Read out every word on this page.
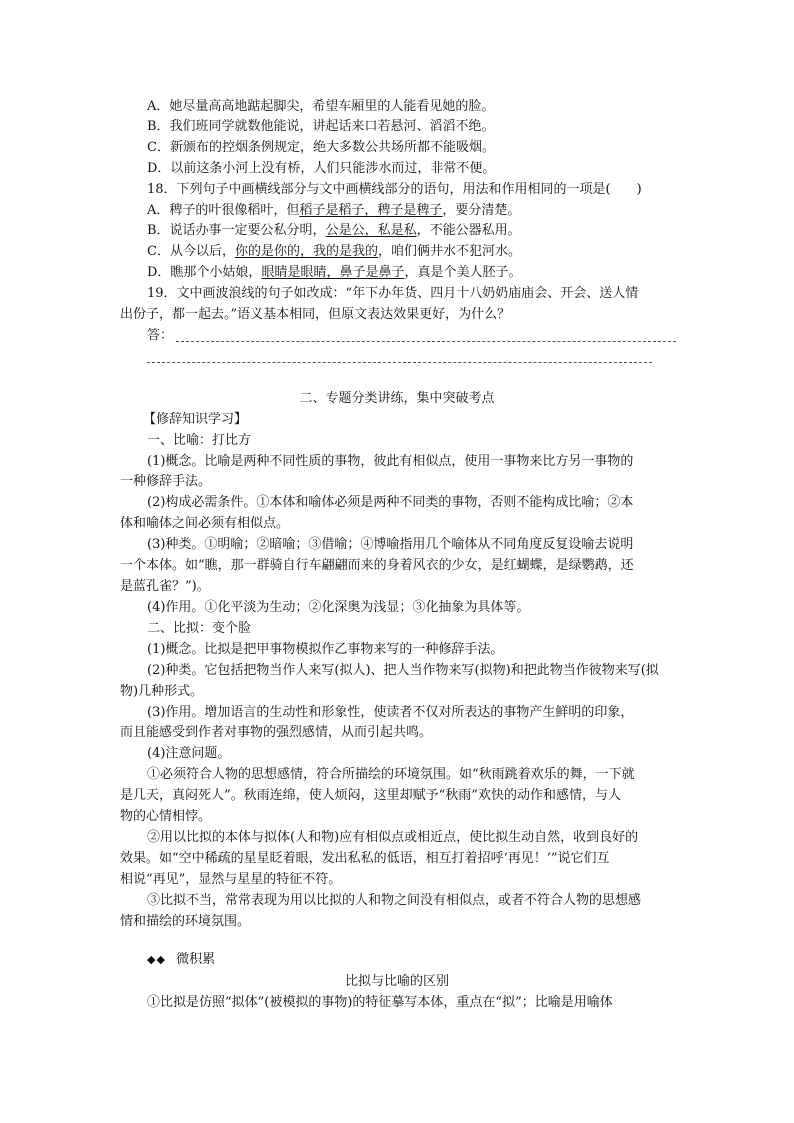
A．她尽量高高地踮起脚尖，希望车厢里的人能看见她的脸。
B．我们班同学就数他能说，讲起话来口若悬河、滔滔不绝。
C．新颁布的控烟条例规定，绝大多数公共场所都不能吸烟。
D．以前这条小河上没有桥，人们只能涉水而过，非常不便。
18．下列句子中画横线部分与文中画横线部分的语句，用法和作用相同的一项是(　　)
A．稗子的叶很像稻叶，但稻子是稻子，稗子是稗子，要分清楚。
B．说话办事一定要公私分明，公是公，私是私，不能公器私用。
C．从今以后，你的是你的，我的是我的，咱们俩井水不犯河水。
D．瞧那个小姑娘，眼睛是眼睛，鼻子是鼻子，真是个美人胚子。
19．文中画波浪线的句子如改成：“年下办年货、四月十八奶奶庙庙会、开会、送人情
出份子，都一起去。”语义基本相同，但原文表达效果更好，为什么？
答：
二、专题分类讲练，集中突破考点
【修辞知识学习】
一、比喻：打比方
(1)概念。比喻是两种不同性质的事物，彼此有相似点，使用一事物来比方另一事物的
一种修辞手法。
(2)构成必需条件。①本体和喻体必须是两种不同类的事物，否则不能构成比喻；②本
体和喻体之间必须有相似点。
(3)种类。①明喻；②暗喻；③借喻；④博喻指用几个喻体从不同角度反复设喻去说明
一个本体。如“瞧，那一群骑自行车翩翩而来的身着风衣的少女，是红蝴蝶，是绿鹦鹉，还
是蓝孔雀？”)。
(4)作用。①化平淡为生动；②化深奥为浅显；③化抽象为具体等。
二、比拟：变个脸
(1)概念。比拟是把甲事物模拟作乙事物来写的一种修辞手法。
(2)种类。它包括把物当作人来写(拟人)、把人当作物来写(拟物)和把此物当作彼物来写(拟
物)几种形式。
(3)作用。增加语言的生动性和形象性，使读者不仅对所表达的事物产生鲜明的印象，
而且能感受到作者对事物的强烈感情，从而引起共鸣。
(4)注意问题。
①必须符合人物的思想感情，符合所描绘的环境氛围。如“秋雨跳着欢乐的舞，一下就
是几天，真闷死人”。秋雨连绵，使人烦闷，这里却赋予“秋雨”欢快的动作和感情，与人
物的心情相悖。
②用以比拟的本体与拟体(人和物)应有相似点或相近点，使比拟生动自然，收到良好的
效果。如“空中稀疏的星星眨着眼，发出私私的低语，相互打着招呼‘再见！’”说它们互
相说“再见”，显然与星星的特征不符。
③比拟不当，常常表现为用以比拟的人和物之间没有相似点，或者不符合人物的思想感
情和描绘的环境氛围。
◆◆ 微积累
比拟与比喻的区别
①比拟是仿照“拟体”(被模拟的事物)的特征摹写本体，重点在“拟”；比喻是用喻体
